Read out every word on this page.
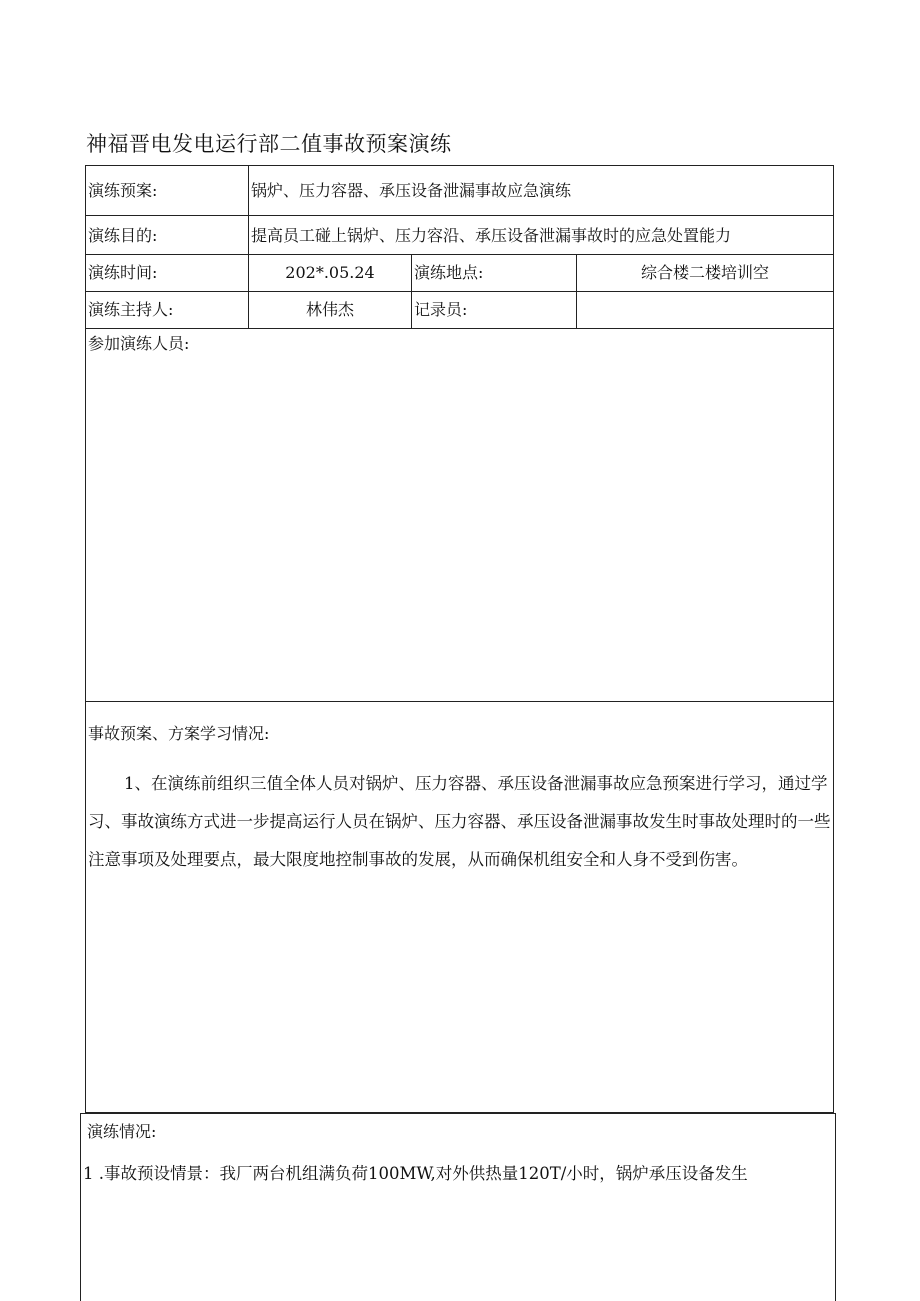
神福晋电发电运行部二值事故预案演练
演练预案:	锅炉、压力容器、承压设备泄漏事故应急演练
演练目的:	提高员工碰上锅炉、压力容沿、承压设备泄漏事故时的应急处置能力
演练时间:	202*.05.24	演练地点:	综合楼二楼培训空
演练主持人:	林伟杰	记录员:
参加演练人员:
事故预案、方案学习情况:
1、在演练前组织三值全体人员对锅炉、压力容器、承压设备泄漏事故应急预案进行学习，通过学习、事故演练方式进一步提高运行人员在锅炉、压力容器、承压设备泄漏事故发生时事故处理时的一些注意事项及处理要点，最大限度地控制事故的发展，从而确保机组安全和人身不受到伤害。
演练情况:
1 .事故预设情景：我厂两台机组满负荷100MW,对外供热量120T/小时，锅炉承压设备发生
